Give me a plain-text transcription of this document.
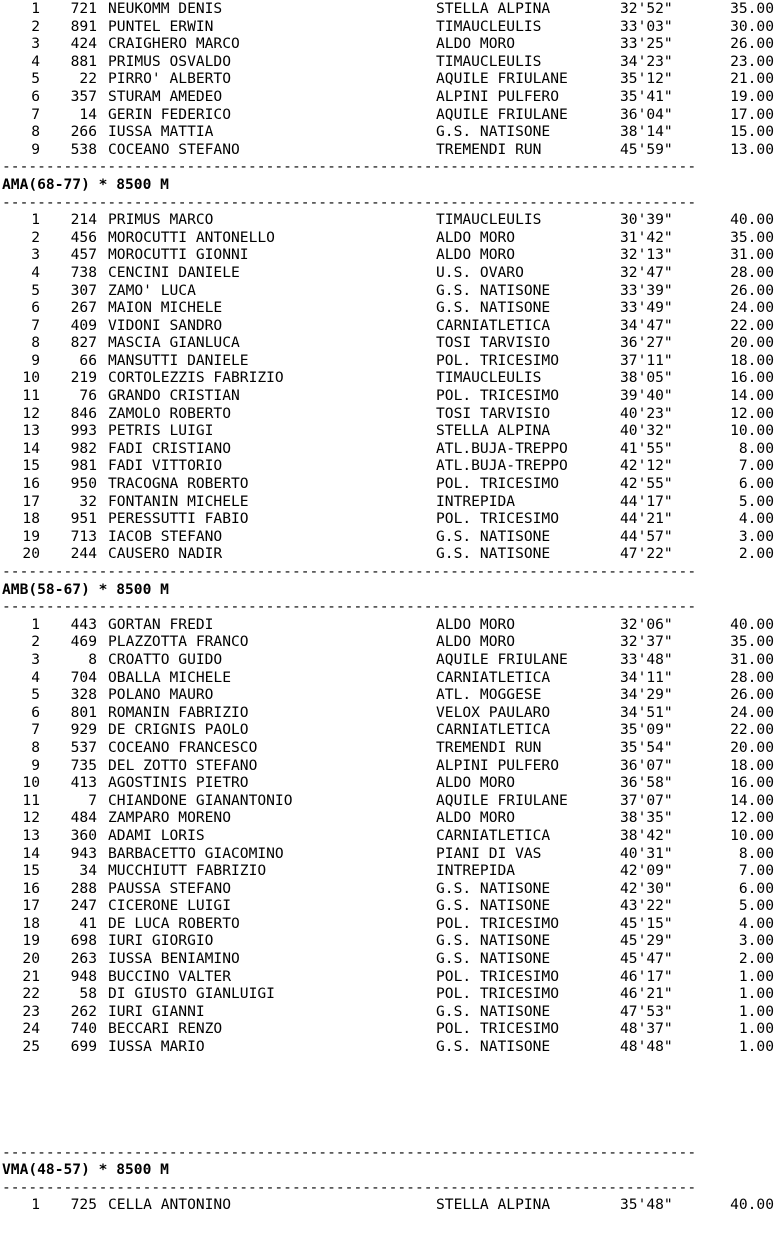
1	721 NEUKOMM DENIS	STELLA ALPINA	32'52"	35.00
2	891 PUNTEL ERWIN	TIMAUCLEULIS	33'03"	30.00
3	424 CRAIGHERO MARCO	ALDO MORO	33'25"	26.00
4	881 PRIMUS OSVALDO	TIMAUCLEULIS	34'23"	23.00
5	22 PIRRO' ALBERTO	AQUILE FRIULANE	35'12"	21.00
6	357 STURAM AMEDEO	ALPINI PULFERO	35'41"	19.00
7	14 GERIN FEDERICO	AQUILE FRIULANE	36'04"	17.00
8	266 IUSSA MATTIA	G.S. NATISONE	38'14"	15.00
9	538 COCEANO STEFANO	TREMENDI RUN	45'59"	13.00
-------------------------------------------------------------------------------
AMA(68-77) * 8500 M
-------------------------------------------------------------------------------
1	214 PRIMUS MARCO	TIMAUCLEULIS	30'39"	40.00
2	456 MOROCUTTI ANTONELLO	ALDO MORO	31'42"	35.00
3	457 MOROCUTTI GIONNI	ALDO MORO	32'13"	31.00
4	738 CENCINI DANIELE	U.S. OVARO	32'47"	28.00
5	307 ZAMO' LUCA	G.S. NATISONE	33'39"	26.00
6	267 MAION MICHELE	G.S. NATISONE	33'49"	24.00
7	409 VIDONI SANDRO	CARNIATLETICA	34'47"	22.00
8	827 MASCIA GIANLUCA	TOSI TARVISIO	36'27"	20.00
9	66 MANSUTTI DANIELE	POL. TRICESIMO	37'11"	18.00
10	219 CORTOLEZZIS FABRIZIO	TIMAUCLEULIS	38'05"	16.00
11	76 GRANDO CRISTIAN	POL. TRICESIMO	39'40"	14.00
12	846 ZAMOLO ROBERTO	TOSI TARVISIO	40'23"	12.00
13	993 PETRIS LUIGI	STELLA ALPINA	40'32"	10.00
14	982 FADI CRISTIANO	ATL.BUJA-TREPPO	41'55"	8.00
15	981 FADI VITTORIO	ATL.BUJA-TREPPO	42'12"	7.00
16	950 TRACOGNA ROBERTO	POL. TRICESIMO	42'55"	6.00
17	32 FONTANIN MICHELE	INTREPIDA	44'17"	5.00
18	951 PERESSUTTI FABIO	POL. TRICESIMO	44'21"	4.00
19	713 IACOB STEFANO	G.S. NATISONE	44'57"	3.00
20	244 CAUSERO NADIR	G.S. NATISONE	47'22"	2.00
-------------------------------------------------------------------------------
AMB(58-67) * 8500 M
-------------------------------------------------------------------------------
1	443 GORTAN FREDI	ALDO MORO	32'06"	40.00
2	469 PLAZZOTTA FRANCO	ALDO MORO	32'37"	35.00
3	8 CROATTO GUIDO	AQUILE FRIULANE	33'48"	31.00
4	704 OBALLA MICHELE	CARNIATLETICA	34'11"	28.00
5	328 POLANO MAURO	ATL. MOGGESE	34'29"	26.00
6	801 ROMANIN FABRIZIO	VELOX PAULARO	34'51"	24.00
7	929 DE CRIGNIS PAOLO	CARNIATLETICA	35'09"	22.00
8	537 COCEANO FRANCESCO	TREMENDI RUN	35'54"	20.00
9	735 DEL ZOTTO STEFANO	ALPINI PULFERO	36'07"	18.00
10	413 AGOSTINIS PIETRO	ALDO MORO	36'58"	16.00
11	7 CHIANDONE GIANANTONIO	AQUILE FRIULANE	37'07"	14.00
12	484 ZAMPARO MORENO	ALDO MORO	38'35"	12.00
13	360 ADAMI LORIS	CARNIATLETICA	38'42"	10.00
14	943 BARBACETTO GIACOMINO	PIANI DI VAS	40'31"	8.00
15	34 MUCCHIUTT FABRIZIO	INTREPIDA	42'09"	7.00
16	288 PAUSSA STEFANO	G.S. NATISONE	42'30"	6.00
17	247 CICERONE LUIGI	G.S. NATISONE	43'22"	5.00
18	41 DE LUCA ROBERTO	POL. TRICESIMO	45'15"	4.00
19	698 IURI GIORGIO	G.S. NATISONE	45'29"	3.00
20	263 IUSSA BENIAMINO	G.S. NATISONE	45'47"	2.00
21	948 BUCCINO VALTER	POL. TRICESIMO	46'17"	1.00
22	58 DI GIUSTO GIANLUIGI	POL. TRICESIMO	46'21"	1.00
23	262 IURI GIANNI	G.S. NATISONE	47'53"	1.00
24	740 BECCARI RENZO	POL. TRICESIMO	48'37"	1.00
25	699 IUSSA MARIO	G.S. NATISONE	48'48"	1.00
-------------------------------------------------------------------------------
VMA(48-57) * 8500 M
-------------------------------------------------------------------------------
1	725 CELLA ANTONINO	STELLA ALPINA	35'48"	40.00
